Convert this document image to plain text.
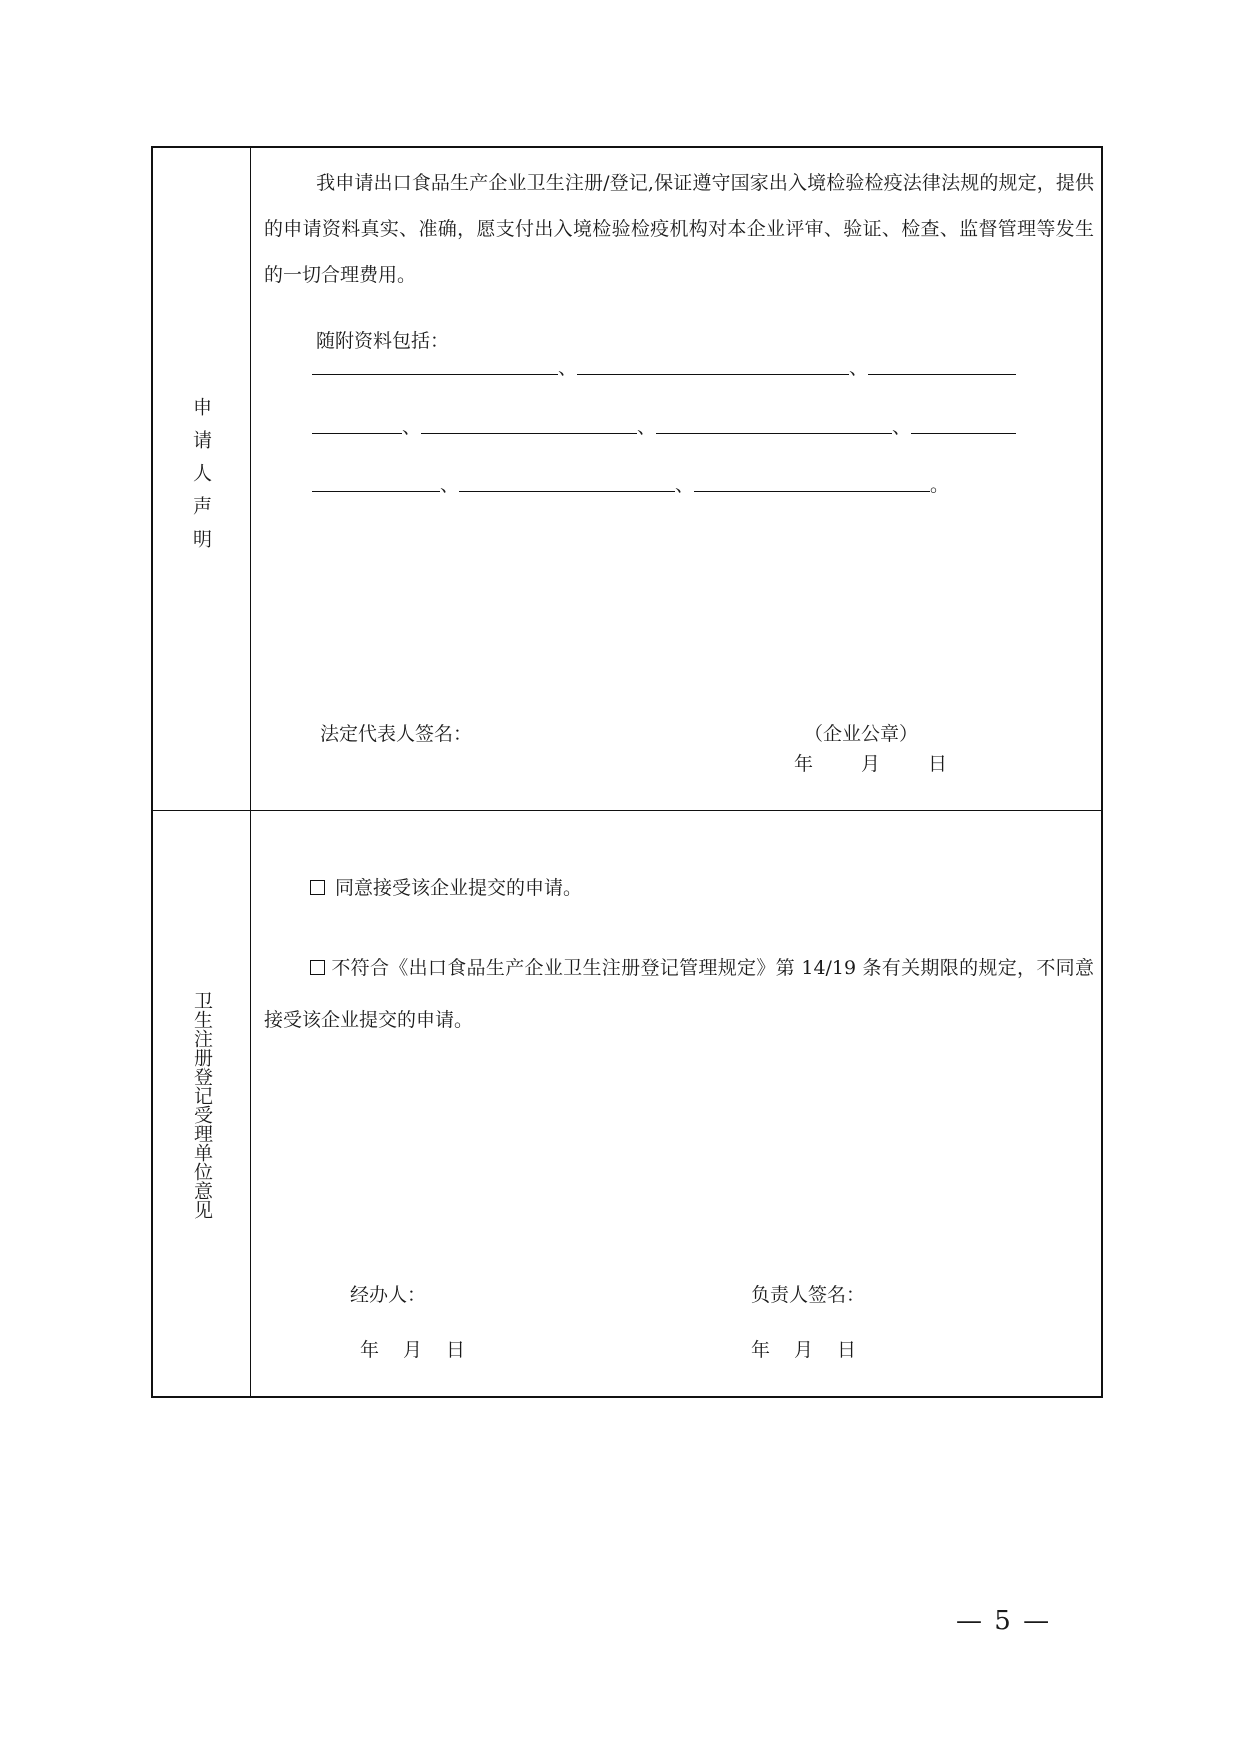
申请人声明
我申请出口食品生产企业卫生注册/登记,保证遵守国家出入境检验检疫法律法规的规定，提供的申请资料真实、准确，愿支付出入境检验检疫机构对本企业评审、验证、检查、监督管理等发生的一切合理费用。
随附资料包括：
、	、
、	、	、
、	、	。
法定代表人签名：	（企业公章）
年	月	日
卫生注册登记受理单位意见
同意接受该企业提交的申请。
不符合《出口食品生产企业卫生注册登记管理规定》第 14/19 条有关期限的规定，不同意接受该企业提交的申请。
经办人：	负责人签名：
年 月 日	年 月 日
— 5 —
